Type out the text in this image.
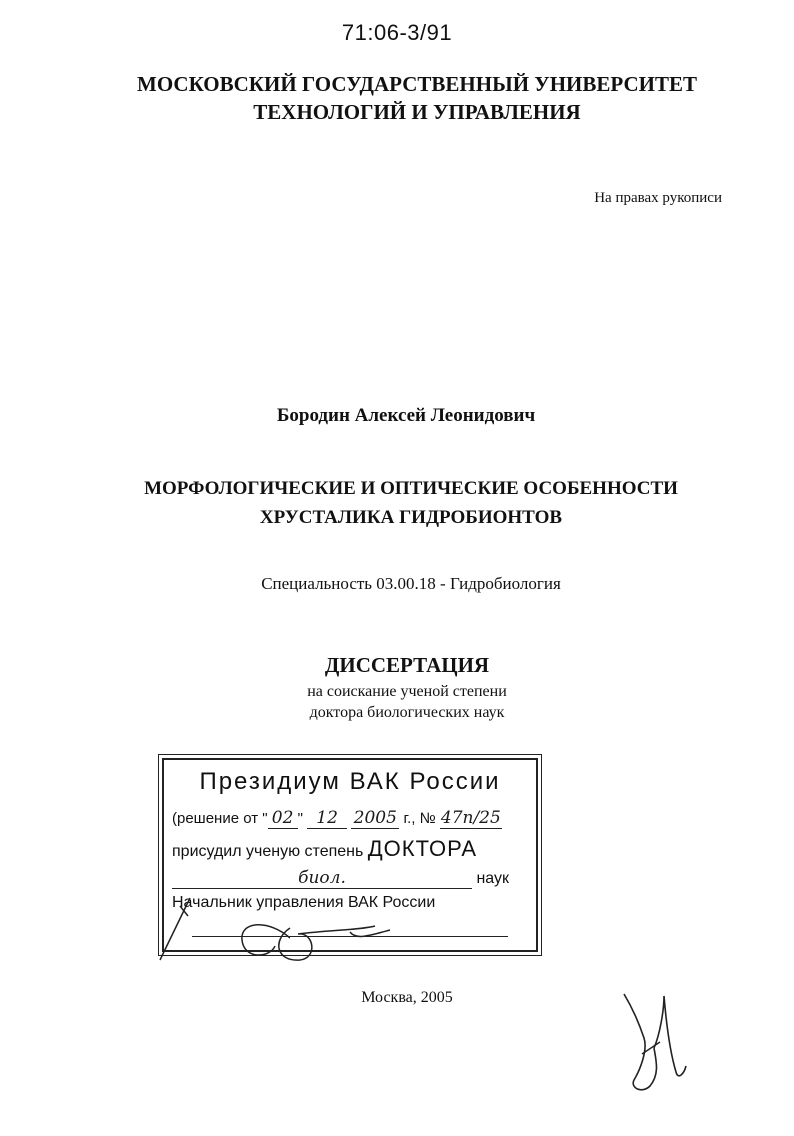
71:06-3/91
МОСКОВСКИЙ ГОСУДАРСТВЕННЫЙ УНИВЕРСИТЕТ
ТЕХНОЛОГИЙ И УПРАВЛЕНИЯ
На правах рукописи
Бородин Алексей Леонидович
МОРФОЛОГИЧЕСКИЕ И ОПТИЧЕСКИЕ ОСОБЕННОСТИ
ХРУСТАЛИКА ГИДРОБИОНТОВ
Специальность 03.00.18 - Гидробиология
ДИССЕРТАЦИЯ
на соискание ученой степени
доктора биологических наук
Президиум ВАК России
(решение от " 02 " 12 2005 г., № 47п/25
присудил ученую степень ДОКТОРА
биол.	наук
Начальник управления ВАК России
Москва, 2005
